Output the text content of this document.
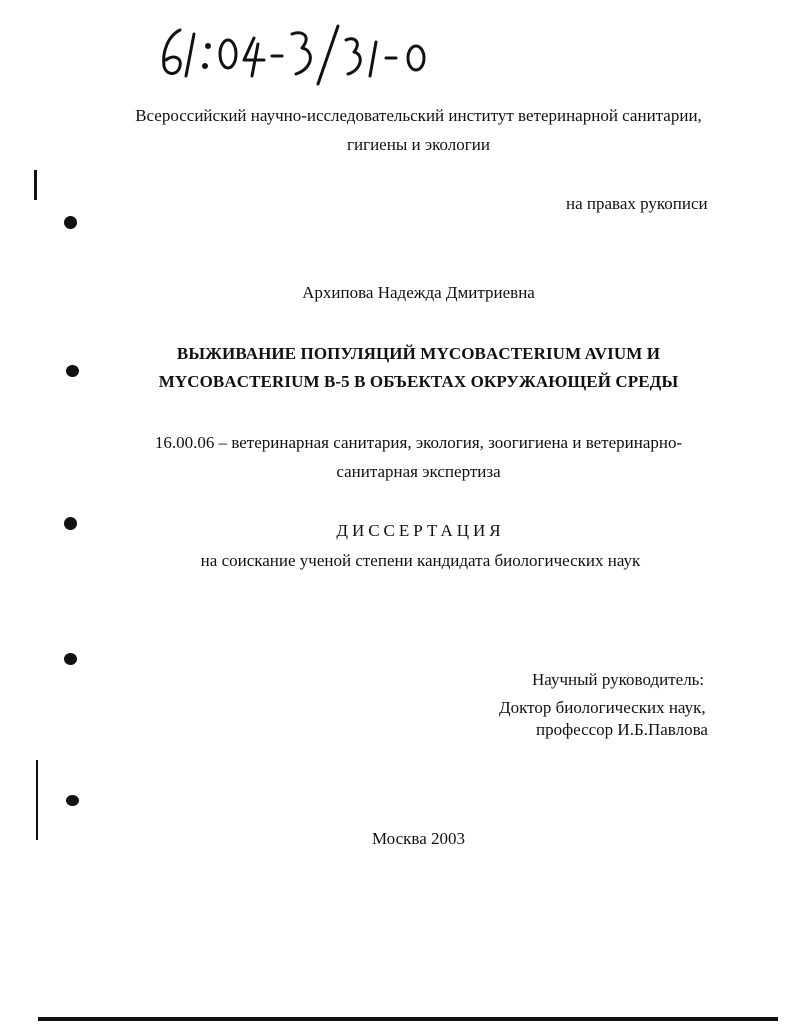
Всероссийский научно-исследовательский институт ветеринарной санитарии,
гигиены и экологии
на правах рукописи
Архипова Надежда Дмитриевна
ВЫЖИВАНИЕ ПОПУЛЯЦИЙ MYCOBACTERIUM AVIUM И
MYCOBACTERIUM B-5 В ОБЪЕКТАХ ОКРУЖАЮЩЕЙ СРЕДЫ
16.00.06 – ветеринарная санитария, экология, зоогигиена и ветеринарно-
санитарная экспертиза
ДИССЕРТАЦИЯ
на соискание ученой степени кандидата биологических наук
Научный руководитель:
Доктор биологических наук,
профессор И.Б.Павлова
Москва 2003
